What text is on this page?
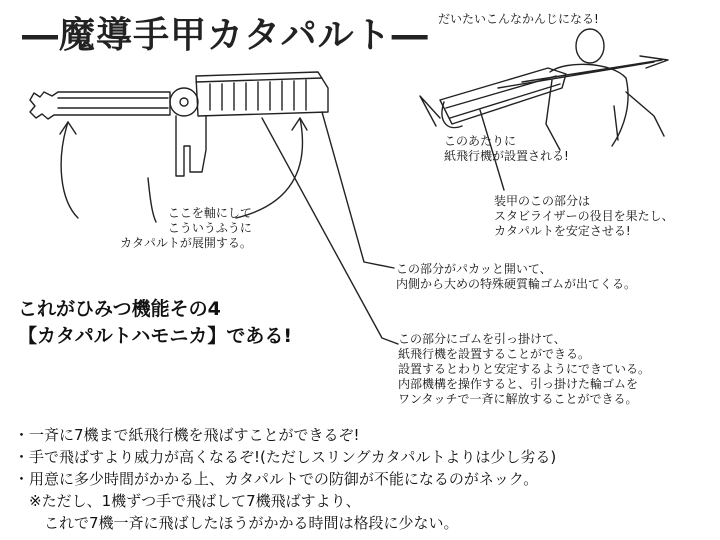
―魔導手甲カタパルト― だいたいこんなかんじになる!
このあたりに
紙飛行機が設置される!
装甲のこの部分は
スタビライザーの役目を果たし、
カタパルトを安定させる!
ここを軸にして
こういうふうに
カタパルトが展開する。
この部分がパカッと開いて、
内側から大めの特殊硬質輪ゴムが出てくる。
この部分にゴムを引っ掛けて、
紙飛行機を設置することができる。
設置するとわりと安定するようにできている。
内部機構を操作すると、引っ掛けた輪ゴムを
ワンタッチで一斉に解放することができる。
これがひみつ機能その4
【カタパルトハモニカ】である!
・一斉に7機まで紙飛行機を飛ばすことができるぞ!
・手で飛ばすより威力が高くなるぞ!(ただしスリングカタパルトよりは少し劣る)
・用意に多少時間がかかる上、カタパルトでの防御が不能になるのがネック。
　※ただし、1機ずつ手で飛ばして7機飛ばすより、
　　これで7機一斉に飛ばしたほうがかかる時間は格段に少ない。
